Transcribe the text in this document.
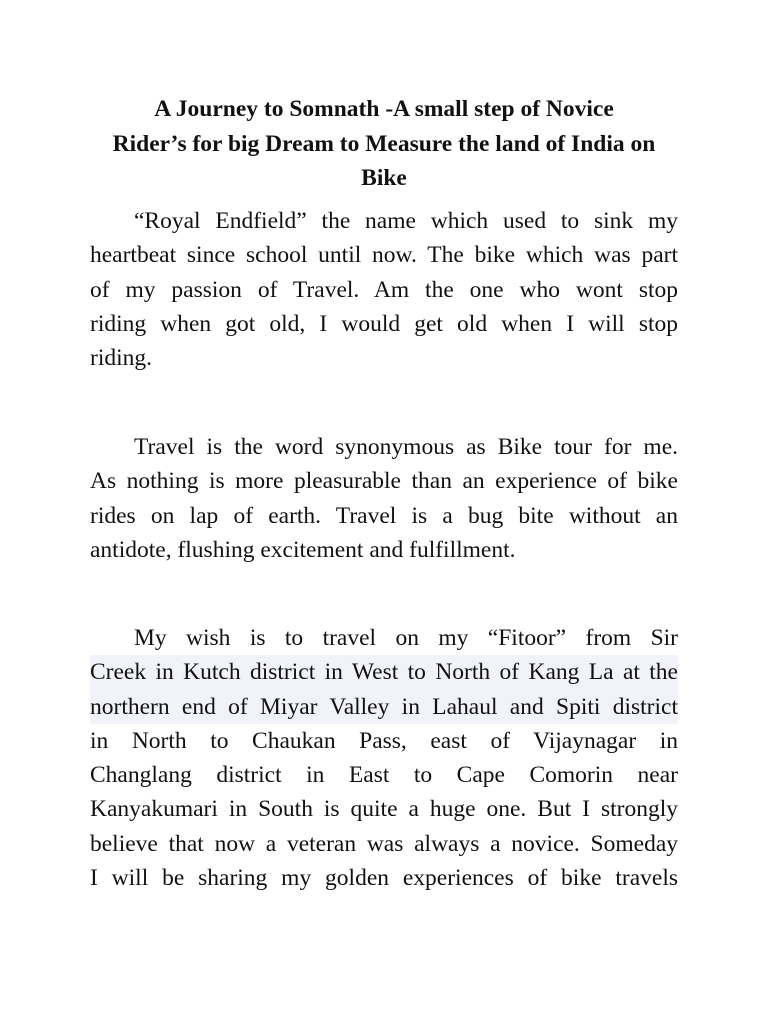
A Journey to Somnath -A small step of Novice
Rider’s for big Dream to Measure the land of India on
Bike
“Royal Endfield” the name which used to sink my
heartbeat since school until now. The bike which was part
of my passion of Travel. Am the one who wont stop
riding when got old, I would get old when I will stop
riding.
Travel is the word synonymous as Bike tour for me.
As nothing is more pleasurable than an experience of bike
rides on lap of earth. Travel is a bug bite without an
antidote, flushing excitement and fulfillment.
My wish is to travel on my “Fitoor” from Sir
Creek in Kutch district in West to North of Kang La at the
northern end of Miyar Valley in Lahaul and Spiti district
in North to Chaukan Pass, east of Vijaynagar in
Changlang district in East to Cape Comorin near
Kanyakumari in South is quite a huge one. But I strongly
believe that now a veteran was always a novice. Someday
I will be sharing my golden experiences of bike travels
